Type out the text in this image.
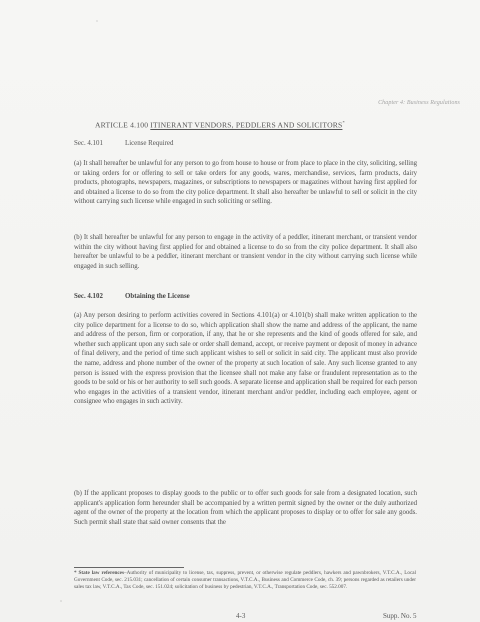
Chapter 4: Business Regulations
ARTICLE 4.100 ITINERANT VENDORS, PEDDLERS AND SOLICITORS*
Sec. 4.101	License Required
(a) It shall hereafter be unlawful for any person to go from house to house or from place to place in the city, soliciting, selling or taking orders for or offering to sell or take orders for any goods, wares, merchandise, services, farm products, dairy products, photographs, newspapers, magazines, or subscriptions to newspapers or magazines without having first applied for and obtained a license to do so from the city police department. It shall also hereafter be unlawful to sell or solicit in the city without carrying such license while engaged in such soliciting or selling.
(b) It shall hereafter be unlawful for any person to engage in the activity of a peddler, itinerant merchant, or transient vendor within the city without having first applied for and obtained a license to do so from the city police department. It shall also hereafter be unlawful to be a peddler, itinerant merchant or transient vendor in the city without carrying such license while engaged in such selling.
Sec. 4.102	Obtaining the License
(a) Any person desiring to perform activities covered in Sections 4.101(a) or 4.101(b) shall make written application to the city police department for a license to do so, which application shall show the name and address of the applicant, the name and address of the person, firm or corporation, if any, that he or she represents and the kind of goods offered for sale, and whether such applicant upon any such sale or order shall demand, accept, or receive payment or deposit of money in advance of final delivery, and the period of time such applicant wishes to sell or solicit in said city. The applicant must also provide the name, address and phone number of the owner of the property at such location of sale. Any such license granted to any person is issued with the express provision that the licensee shall not make any false or fraudulent representation as to the goods to be sold or his or her authority to sell such goods. A separate license and application shall be required for each person who engages in the activities of a transient vendor, itinerant merchant and/or peddler, including each employee, agent or consignee who engages in such activity.
(b) If the applicant proposes to display goods to the public or to offer such goods for sale from a designated location, such applicant's application form hereunder shall be accompanied by a written permit signed by the owner or the duly authorized agent of the owner of the property at the location from which the applicant proposes to display or to offer for sale any goods. Such permit shall state that said owner consents that the
* State law references–Authority of municipality to license, tax, suppress, prevent, or otherwise regulate peddlers, hawkers and pawnbrokers, V.T.C.A., Local Government Code, sec. 215.031; cancellation of certain consumer transactions, V.T.C.A., Business and Commerce Code, ch. 39; persons regarded as retailers under sales tax law, V.T.C.A., Tax Code, sec. 151.024; solicitation of business by pedestrian, V.T.C.A., Transportation Code, sec. 552.007.
4-3	Supp. No. 5
